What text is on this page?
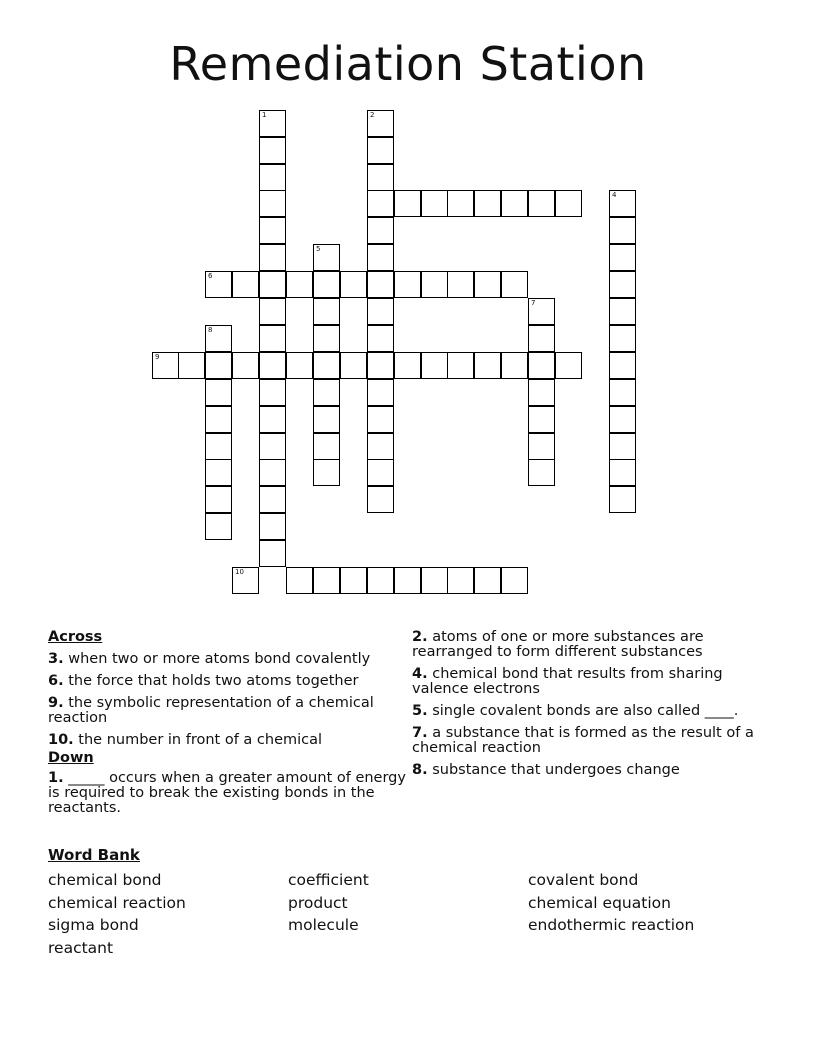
Remediation Station
1	2
4
5
6
7
8
9
10
Across
3. when two or more atoms bond covalently
6. the force that holds two atoms together
9. the symbolic representation of a chemical reaction
10. the number in front of a chemical
Down
1. _____ occurs when a greater amount of energy is required to break the existing bonds in the reactants.
2. atoms of one or more substances are rearranged to form different substances
4. chemical bond that results from sharing valence electrons
5. single covalent bonds are also called ____.
7. a substance that is formed as the result of a chemical reaction
8. substance that undergoes change
Word Bank
chemical bond
chemical reaction
sigma bond
reactant
coefficient
product
molecule
covalent bond
chemical equation
endothermic reaction
